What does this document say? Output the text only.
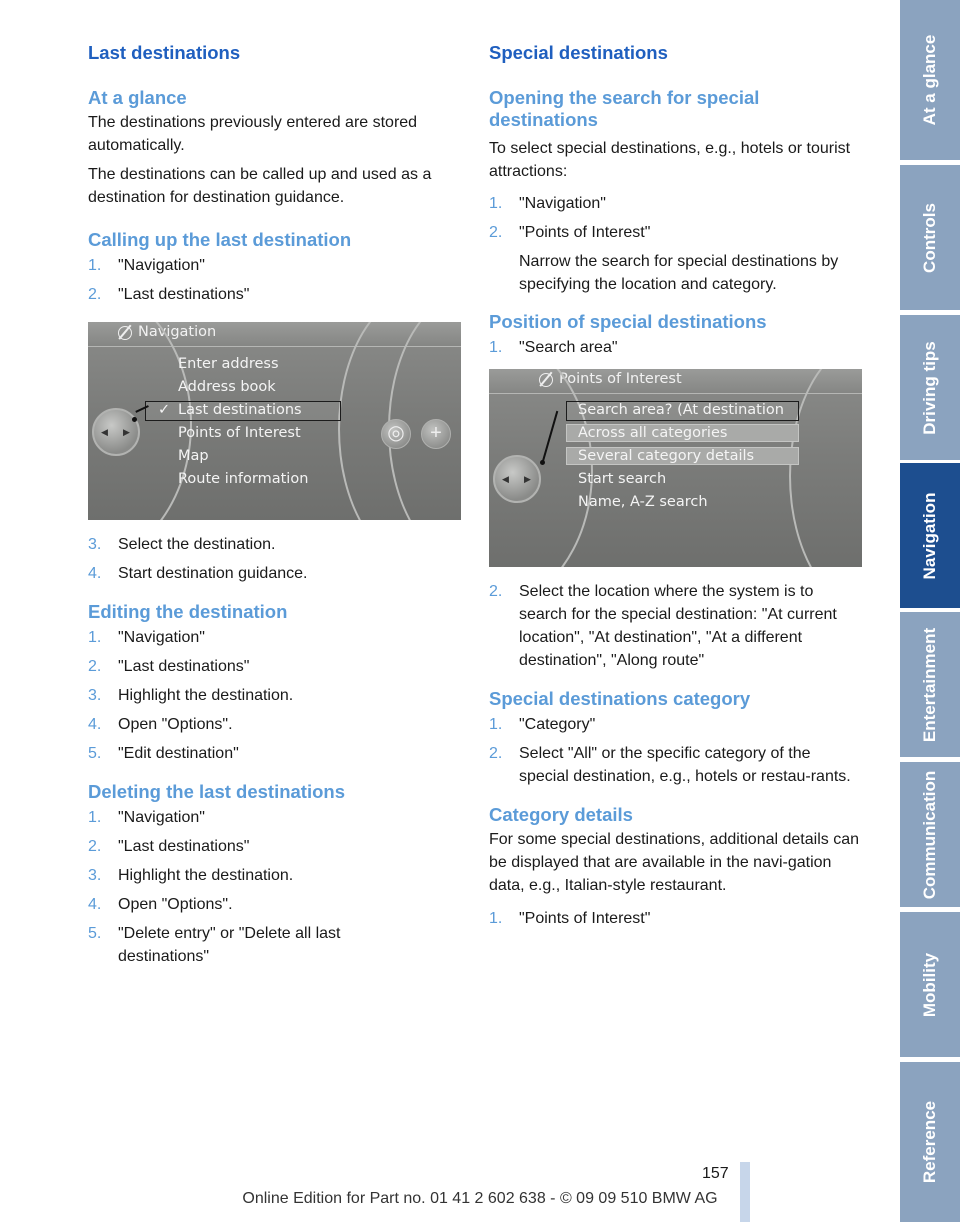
Last destinations
At a glance

The destinations previously entered are stored automatically.

The destinations can be called up and used as a destination for destination guidance.

Calling up the last destination
1. "Navigation"
2. "Last destinations"
Navigation
◀ ▶
Enter address
Address book
✓ Last destinations
Points of Interest
Map
Route information
◎	+
3. Select the destination.
4. Start destination guidance.
Editing the destination
1. "Navigation"
2. "Last destinations"
3. Highlight the destination.
4. Open "Options".
5. "Edit destination"
Deleting the last destinations
1. "Navigation"
2. "Last destinations"
3. Highlight the destination.
4. Open "Options".
5. "Delete entry" or "Delete all last destinations"
Special destinations
Opening the search for special destinations

To select special destinations, e.g., hotels or tourist attractions:

1. "Navigation"
2. "Points of Interest"
Narrow the search for special destinations by specifying the location and category.
Position of special destinations
1. "Search area"
Points of Interest
◀ ▶
Search area? (At destination
Across all categories
Several category details
Start search
Name, A-Z search
2. Select the location where the system is to search for the special destination: "At current location", "At destination", "At a different destination", "Along route"
Special destinations category
1. "Category"
2. Select "All" or the specific category of the special destination, e.g., hotels or restau-rants.
Category details

For some special destinations, additional details can be displayed that are available in the navi-gation data, e.g., Italian-style restaurant.

1. "Points of Interest"
At a glance
Controls
Driving tips
Navigation
Entertainment
Communication
Mobility
Reference
157
Online Edition for Part no. 01 41 2 602 638 - © 09 09 510 BMW AG
